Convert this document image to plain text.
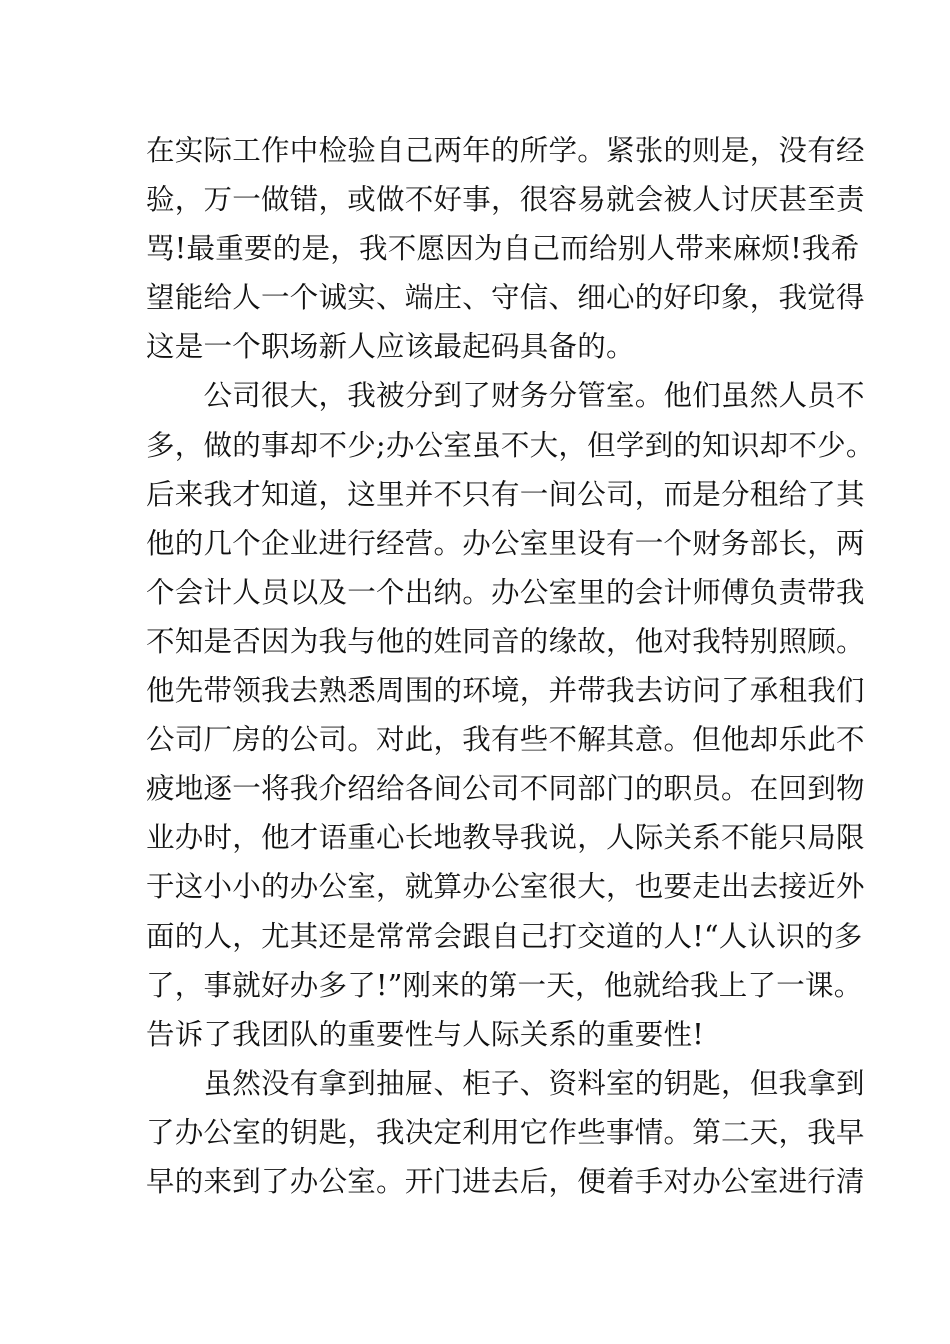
在实际工作中检验自己两年的所学。紧张的则是，没有经
验，万一做错，或做不好事，很容易就会被人讨厌甚至责
骂!最重要的是，我不愿因为自己而给别人带来麻烦!我希
望能给人一个诚实、端庄、守信、细心的好印象，我觉得
这是一个职场新人应该最起码具备的。
　　公司很大，我被分到了财务分管室。他们虽然人员不
多，做的事却不少;办公室虽不大，但学到的知识却不少。
后来我才知道，这里并不只有一间公司，而是分租给了其
他的几个企业进行经营。办公室里设有一个财务部长，两
个会计人员以及一个出纳。办公室里的会计师傅负责带我
不知是否因为我与他的姓同音的缘故，他对我特别照顾。
他先带领我去熟悉周围的环境，并带我去访问了承租我们
公司厂房的公司。对此，我有些不解其意。但他却乐此不
疲地逐一将我介绍给各间公司不同部门的职员。在回到物
业办时，他才语重心长地教导我说，人际关系不能只局限
于这小小的办公室，就算办公室很大，也要走出去接近外
面的人，尤其还是常常会跟自己打交道的人!“人认识的多
了，事就好办多了!”刚来的第一天，他就给我上了一课。
告诉了我团队的重要性与人际关系的重要性!
　　虽然没有拿到抽屉、柜子、资料室的钥匙，但我拿到
了办公室的钥匙，我决定利用它作些事情。第二天，我早
早的来到了办公室。开门进去后，便着手对办公室进行清
